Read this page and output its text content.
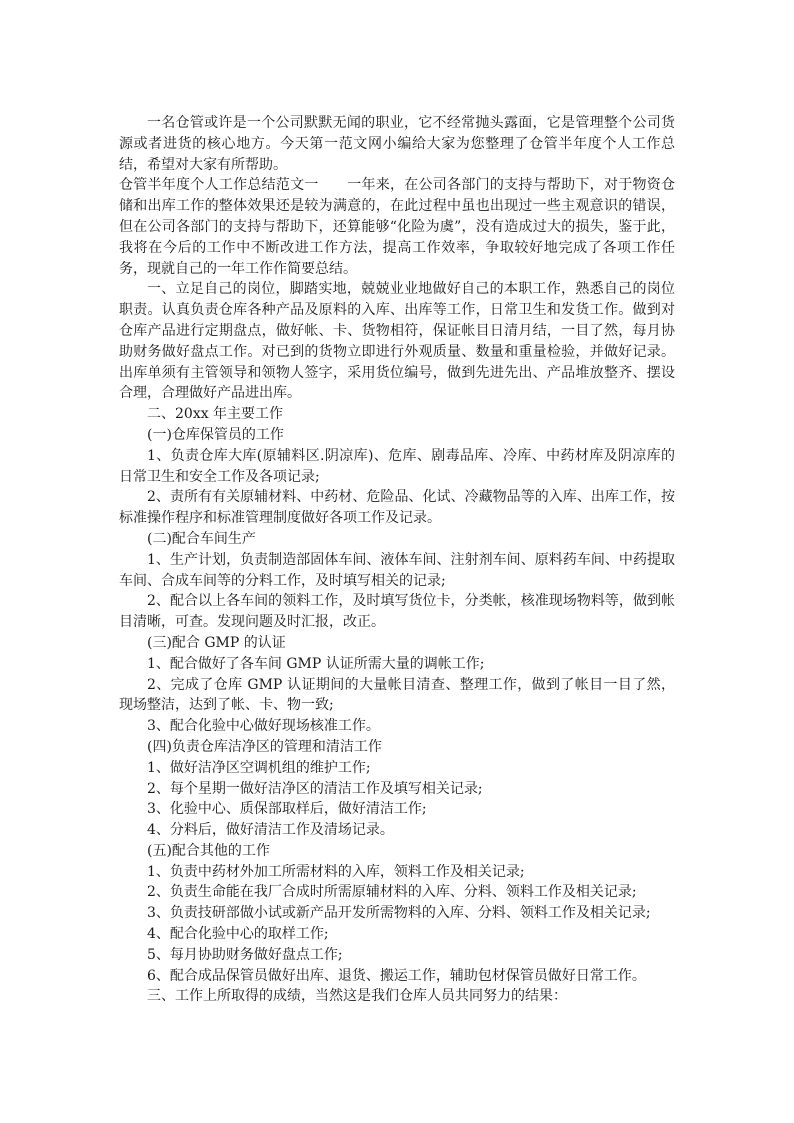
一名仓管或许是一个公司默默无闻的职业，它不经常抛头露面，它是管理整个公司货源或者进货的核心地方。今天第一范文网小编给大家为您整理了仓管半年度个人工作总结，希望对大家有所帮助。

仓管半年度个人工作总结范文一　　一年来，在公司各部门的支持与帮助下，对于物资仓储和出库工作的整体效果还是较为满意的，在此过程中虽也出现过一些主观意识的错误，但在公司各部门的支持与帮助下，还算能够“化险为虞”，没有造成过大的损失，鉴于此，我将在今后的工作中不断改进工作方法，提高工作效率，争取较好地完成了各项工作任务，现就自己的一年工作作简要总结。

一、立足自己的岗位，脚踏实地，兢兢业业地做好自己的本职工作，熟悉自己的岗位职责。认真负责仓库各种产品及原料的入库、出库等工作，日常卫生和发货工作。做到对仓库产品进行定期盘点，做好帐、卡、货物相符，保证帐目日清月结，一目了然，每月协助财务做好盘点工作。对已到的货物立即进行外观质量、数量和重量检验，并做好记录。出库单须有主管领导和领物人签字，采用货位编号，做到先进先出、产品堆放整齐、摆设合理，合理做好产品进出库。

二、20xx 年主要工作

(一)仓库保管员的工作

1、负责仓库大库(原辅料区.阴凉库)、危库、剧毒品库、冷库、中药材库及阴凉库的日常卫生和安全工作及各项记录;

2、责所有有关原辅材料、中药材、危险品、化试、冷藏物品等的入库、出库工作，按标准操作程序和标准管理制度做好各项工作及记录。

(二)配合车间生产

1、生产计划，负责制造部固体车间、液体车间、注射剂车间、原料药车间、中药提取车间、合成车间等的分料工作，及时填写相关的记录;

2、配合以上各车间的领料工作，及时填写货位卡，分类帐，核准现场物料等，做到帐目清晰，可查。发现问题及时汇报，改正。

(三)配合 GMP 的认证

1、配合做好了各车间 GMP 认证所需大量的调帐工作;

2、完成了仓库 GMP 认证期间的大量帐目清查、整理工作，做到了帐目一目了然，现场整洁，达到了帐、卡、物一致;

3、配合化验中心做好现场核准工作。

(四)负责仓库洁净区的管理和清洁工作

1、做好洁净区空调机组的维护工作;

2、每个星期一做好洁净区的清洁工作及填写相关记录;

3、化验中心、质保部取样后，做好清洁工作;

4、分料后，做好清洁工作及清场记录。

(五)配合其他的工作

1、负责中药材外加工所需材料的入库，领料工作及相关记录;

2、负责生命能在我厂合成时所需原辅材料的入库、分料、领料工作及相关记录;

3、负责技研部做小试或新产品开发所需物料的入库、分料、领料工作及相关记录;

4、配合化验中心的取样工作;

5、每月协助财务做好盘点工作;

6、配合成品保管员做好出库、退货、搬运工作，辅助包材保管员做好日常工作。

三、工作上所取得的成绩，当然这是我们仓库人员共同努力的结果：
